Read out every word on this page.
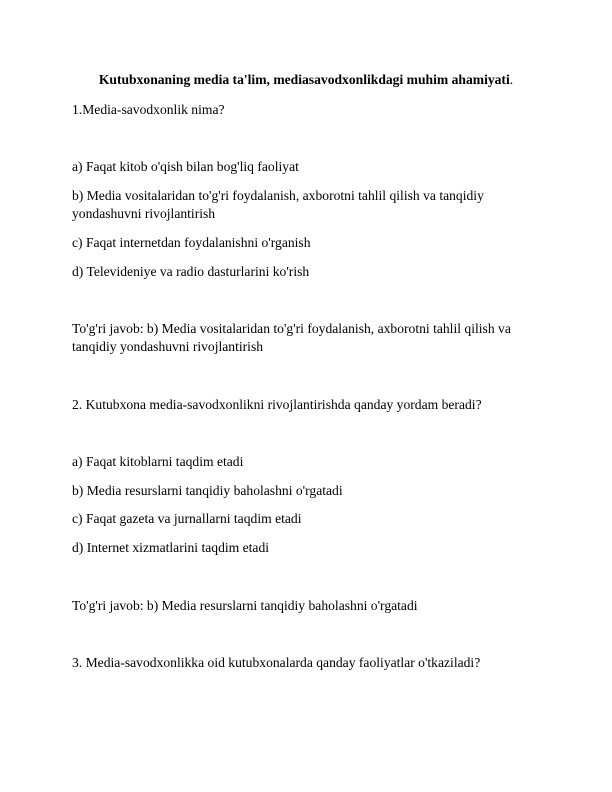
Kutubxonaning media ta'lim, mediasavodxonlikdagi muhim ahamiyati.
1.Media-savodxonlik nima?
a) Faqat kitob o'qish bilan bog'liq faoliyat
b) Media vositalaridan to'g'ri foydalanish, axborotni tahlil qilish va tanqidiy
yondashuvni rivojlantirish
c) Faqat internetdan foydalanishni o'rganish
d) Televideniye va radio dasturlarini ko'rish
To'g'ri javob: b) Media vositalaridan to'g'ri foydalanish, axborotni tahlil qilish va
tanqidiy yondashuvni rivojlantirish
2. Kutubxona media-savodxonlikni rivojlantirishda qanday yordam beradi?
a) Faqat kitoblarni taqdim etadi
b) Media resurslarni tanqidiy baholashni o'rgatadi
c) Faqat gazeta va jurnallarni taqdim etadi
d) Internet xizmatlarini taqdim etadi
To'g'ri javob: b) Media resurslarni tanqidiy baholashni o'rgatadi
3. Media-savodxonlikka oid kutubxonalarda qanday faoliyatlar o'tkaziladi?
